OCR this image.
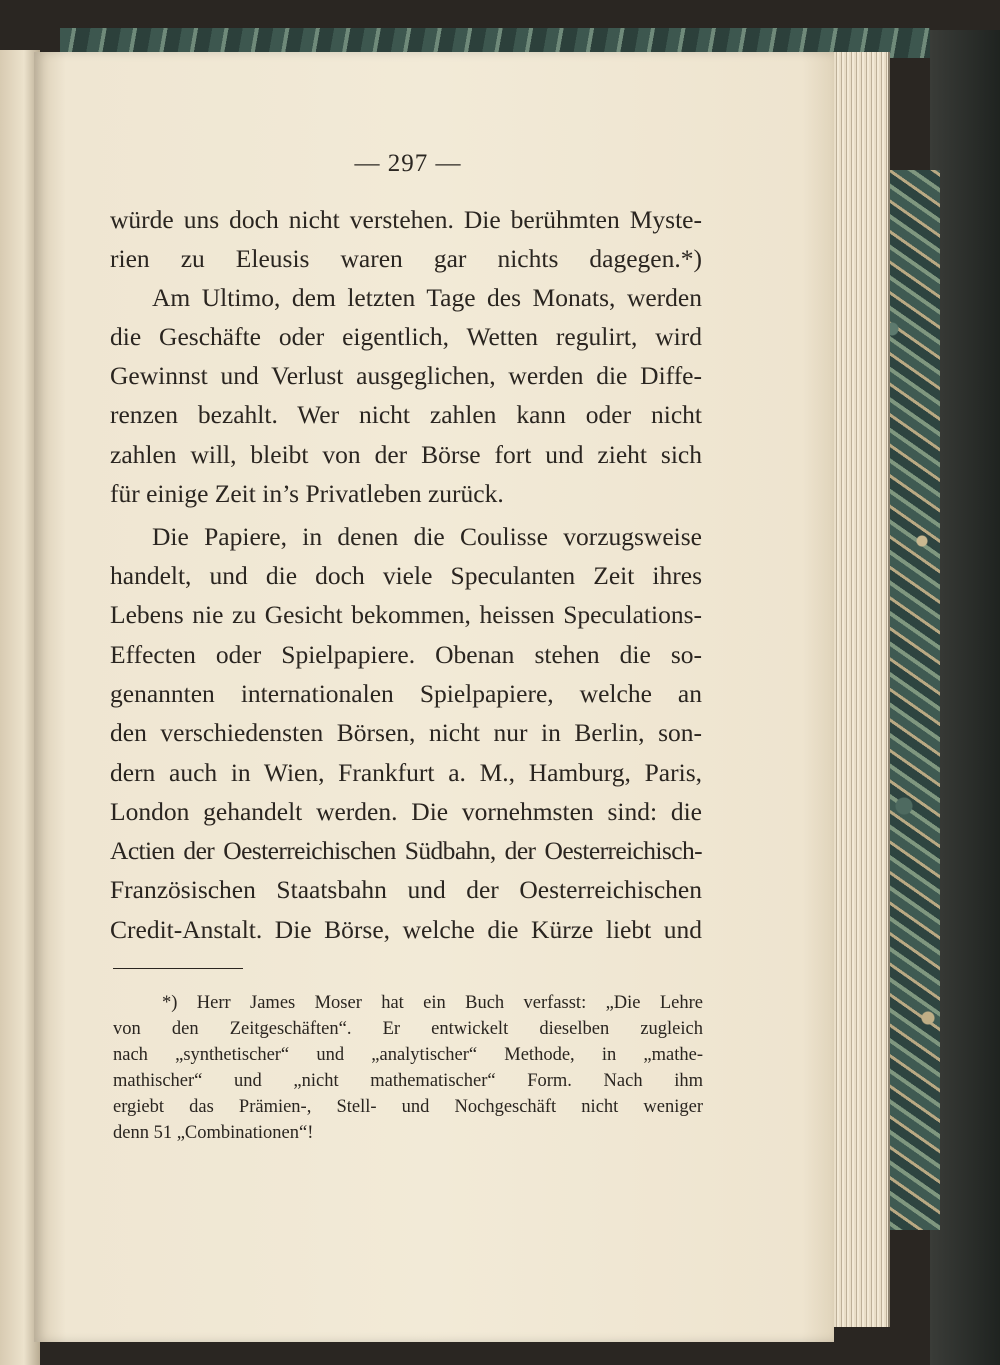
— 297 —
würde uns doch nicht verstehen. Die berühmten Myste-
rien zu Eleusis waren gar nichts dagegen.*)
Am Ultimo, dem letzten Tage des Monats, werden
die Geschäfte oder eigentlich, Wetten regulirt, wird
Gewinnst und Verlust ausgeglichen, werden die Diffe-
renzen bezahlt. Wer nicht zahlen kann oder nicht
zahlen will, bleibt von der Börse fort und zieht sich
für einige Zeit in’s Privatleben zurück.
Die Papiere, in denen die Coulisse vorzugsweise
handelt, und die doch viele Speculanten Zeit ihres
Lebens nie zu Gesicht bekommen, heissen Speculations-
Effecten oder Spielpapiere. Obenan stehen die so-
genannten internationalen Spielpapiere, welche an
den verschiedensten Börsen, nicht nur in Berlin, son-
dern auch in Wien, Frankfurt a. M., Hamburg, Paris,
London gehandelt werden. Die vornehmsten sind: die
Actien der Oesterreichischen Südbahn, der Oesterreichisch-
Französischen Staatsbahn und der Oesterreichischen
Credit-Anstalt. Die Börse, welche die Kürze liebt und
*) Herr James Moser hat ein Buch verfasst: „Die Lehre
von den Zeitgeschäften“. Er entwickelt dieselben zugleich
nach „synthetischer“ und „analytischer“ Methode, in „mathe-
mathischer“ und „nicht mathematischer“ Form. Nach ihm
ergiebt das Prämien-, Stell- und Nochgeschäft nicht weniger
denn 51 „Combinationen“!
